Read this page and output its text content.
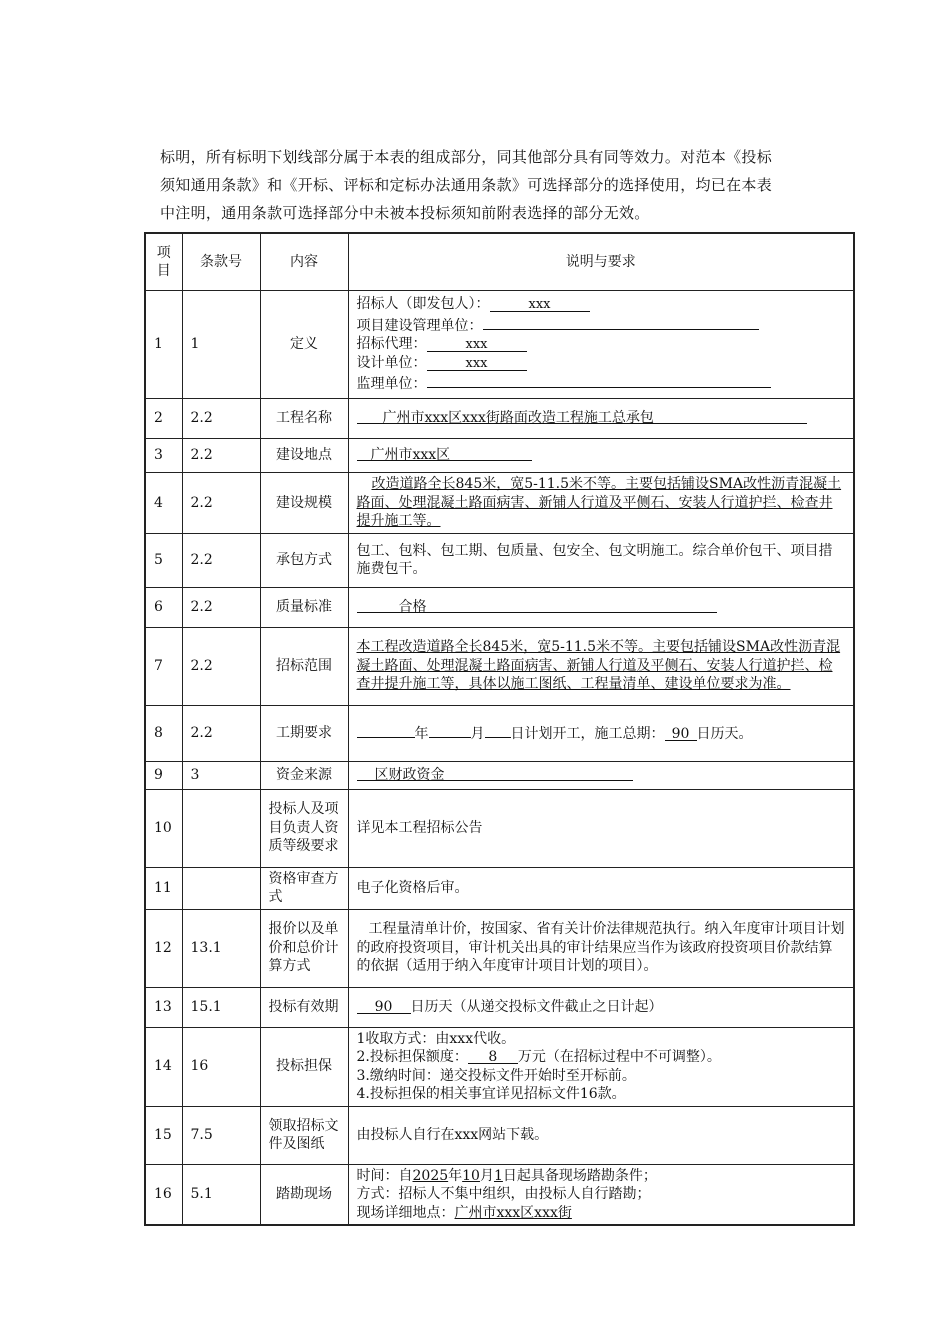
标明，所有标明下划线部分属于本表的组成部分，同其他部分具有同等效力。对范本《投标
须知通用条款》和《开标、评标和定标办法通用条款》可选择部分的选择使用，均已在本表
中注明，通用条款可选择部分中未被本投标须知前附表选择的部分无效。
项目	条款号	内容	说明与要求
1	1	定义	招标人（即发包人）： xxx
项目建设管理单位：
招标代理： xxx
设计单位： xxx
监理单位：

2	2.2	工程名称	广州市xxx区xxx街路面改造工程施工总承包
3	2.2	建设地点	广州市xxx区
4	2.2	建设规模	改造道路全长845米，宽5-11.5米不等。主要包括铺设SMA改性沥青混凝土路面、处理混凝土路面病害、新铺人行道及平侧石、安装人行道护拦、检查井提升施工等。
5	2.2	承包方式	包工、包料、包工期、包质量、包安全、包文明施工。综合单价包干、项目措施费包干。
6	2.2	质量标准	合格
7	2.2	招标范围	本工程改造道路全长845米，宽5-11.5米不等。主要包括铺设SMA改性沥青混凝土路面、处理混凝土路面病害、新铺人行道及平侧石、安装人行道护拦、检查井提升施工等，具体以施工图纸、工程量清单、建设单位要求为准。
8	2.2	工期要求	年 月 日计划开工，施工总期： 90 日历天。
9	3	资金来源	区财政资金
10		投标人及项目负责人资质等级要求	详见本工程招标公告
11		资格审查方式	电子化资格后审。
12	13.1	报价以及单价和总价计算方式	工程量清单计价，按国家、省有关计价法律规范执行。纳入年度审计项目计划的政府投资项目，审计机关出具的审计结果应当作为该政府投资项目价款结算的依据（适用于纳入年度审计项目计划的项目）。
13	15.1	投标有效期	90 日历天（从递交投标文件截止之日计起）
14	16	投标担保	1收取方式：由xxx代收。
2.投标担保额度： 8 万元（在招标过程中不可调整）。
3.缴纳时间：递交投标文件开始时至开标前。
4.投标担保的相关事宜详见招标文件16款。

15	7.5	领取招标文件及图纸	由投标人自行在xxx网站下载。
16	5.1	踏勘现场	时间：自2025年10月1日起具备现场踏勘条件；
方式：招标人不集中组织，由投标人自行踏勘；
现场详细地点：广州市xxx区xxx街
